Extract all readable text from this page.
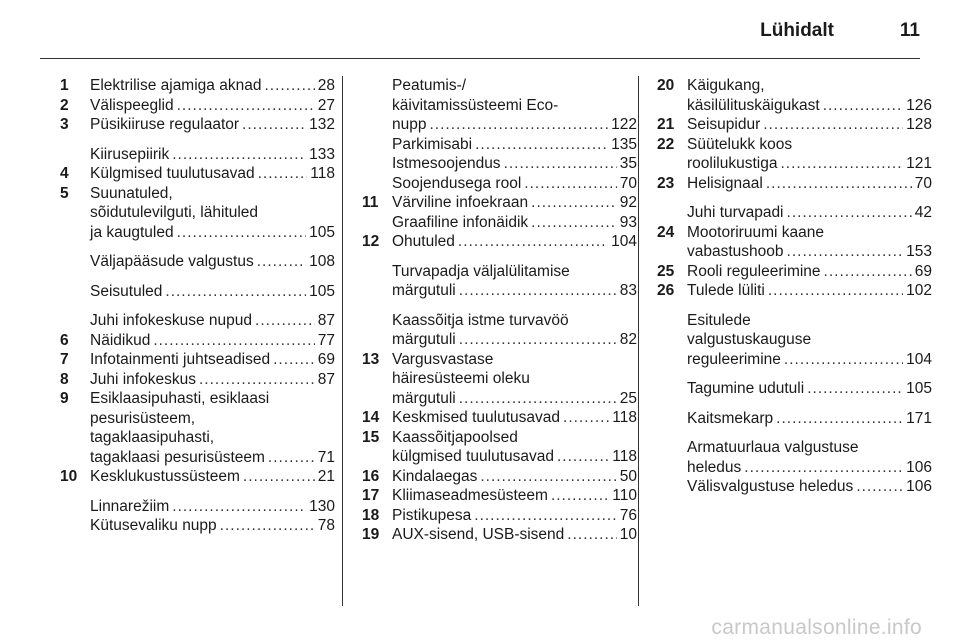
Lühidalt	11
1 Elektrilise ajamiga aknad .....	28
2 Välispeeglid .....	27
3 Püsikiiruse regulaator .....	132
Kiirusepiirik .....	133
4 Külgmised tuulutusavad .....	118
5 Suunatuled,
sõidutulevilguti, lähituled
ja kaugtuled .....	105
Väljapääsude valgustus .....	108
Seisutuled .....	105
Juhi infokeskuse nupud .....	87
6 Näidikud .....	77
7 Infotainmenti juhtseadised .....	69
8 Juhi infokeskus .....	87
9 Esiklaasipuhasti, esiklaasi
pesurisüsteem,
tagaklaasipuhasti,
tagaklaasi pesurisüsteem .....	71
10 Kesklukustussüsteem .....	21
Linnarežiim .....	130
Kütusevaliku nupp .....	78
Peatumis-/
käivitamissüsteemi Eco-
nupp .....	122
Parkimisabi .....	135
Istmesoojendus .....	35
Soojendusega rool .....	70
11 Värviline infoekraan .....	92
Graafiline infonäidik .....	93
12 Ohutuled .....	104
Turvapadja väljalülitamise
märgutuli .....	83
Kaassõitja istme turvavöö
märgutuli .....	82
13 Vargusvastase
häiresüsteemi oleku
märgutuli .....	25
14 Keskmised tuulutusavad .....	118
15 Kaassõitjapoolsed
külgmised tuulutusavad .....	118
16 Kindalaegas .....	50
17 Kliimaseadmesüsteem .....	110
18 Pistikupesa .....	76
19 AUX-sisend, USB-sisend .....	10
20 Käigukang,
käsilülituskäigukast .....	126
21 Seisupidur .....	128
22 Süütelukk koos
roolilukustiga .....	121
23 Helisignaal .....	70
Juhi turvapadi .....	42
24 Mootoriruumi kaane
vabastushoob .....	153
25 Rooli reguleerimine .....	69
26 Tulede lüliti .....	102
Esitulede
valgustuskauguse
reguleerimine .....	104
Tagumine udutuli .....	105
Kaitsmekarp .....	171
Armatuurlaua valgustuse
heledus .....	106
Välisvalgustuse heledus .....	106
carmanualsonline.info
